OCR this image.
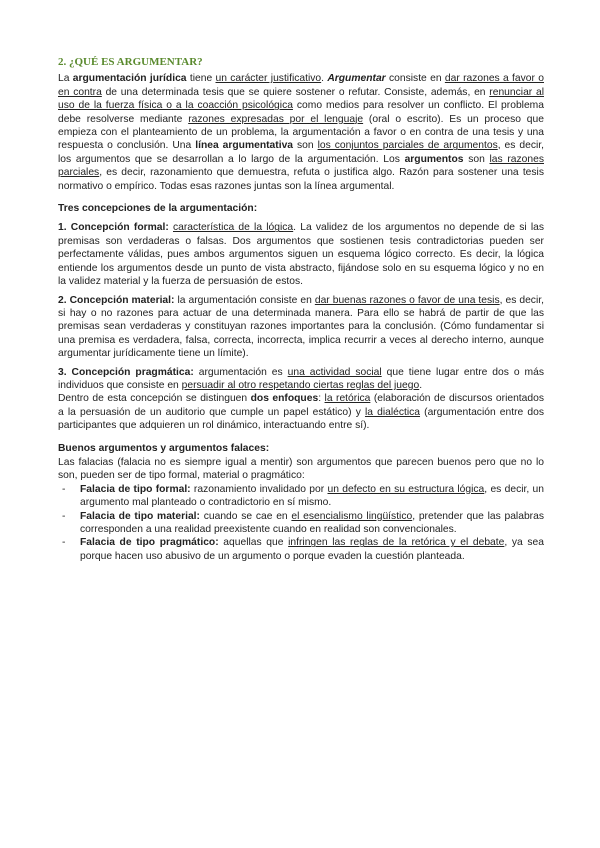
2. ¿QUÉ ES ARGUMENTAR?

La argumentación jurídica tiene un carácter justificativo. Argumentar consiste en dar razones a favor o en contra de una determinada tesis que se quiere sostener o refutar. Consiste, además, en renunciar al uso de la fuerza física o a la coacción psicológica como medios para resolver un conflicto. El problema debe resolverse mediante razones expresadas por el lenguaje (oral o escrito). Es un proceso que empieza con el planteamiento de un problema, la argumentación a favor o en contra de una tesis y una respuesta o conclusión. Una línea argumentativa son los conjuntos parciales de argumentos, es decir, los argumentos que se desarrollan a lo largo de la argumentación. Los argumentos son las razones parciales, es decir, razonamiento que demuestra, refuta o justifica algo. Razón para sostener una tesis normativo o empírico. Todas esas razones juntas son la línea argumental.

Tres concepciones de la argumentación:

1. Concepción formal: característica de la lógica. La validez de los argumentos no depende de si las premisas son verdaderas o falsas. Dos argumentos que sostienen tesis contradictorias pueden ser perfectamente válidas, pues ambos argumentos siguen un esquema lógico correcto. Es decir, la lógica entiende los argumentos desde un punto de vista abstracto, fijándose solo en su esquema lógico y no en la validez material y la fuerza de persuasión de estos.

2. Concepción material: la argumentación consiste en dar buenas razones o favor de una tesis, es decir, si hay o no razones para actuar de una determinada manera. Para ello se habrá de partir de que las premisas sean verdaderas y constituyan razones importantes para la conclusión. (Cómo fundamentar si una premisa es verdadera, falsa, correcta, incorrecta, implica recurrir a veces al derecho interno, aunque argumentar jurídicamente tiene un límite).

3. Concepción pragmática: argumentación es una actividad social que tiene lugar entre dos o más individuos que consiste en persuadir al otro respetando ciertas reglas del juego.

Dentro de esta concepción se distinguen dos enfoques: la retórica (elaboración de discursos orientados a la persuasión de un auditorio que cumple un papel estático) y la dialéctica (argumentación entre dos participantes que adquieren un rol dinámico, interactuando entre sí).

Buenos argumentos y argumentos falaces:

Las falacias (falacia no es siempre igual a mentir) son argumentos que parecen buenos pero que no lo son, pueden ser de tipo formal, material o pragmático:

- Falacia de tipo formal: razonamiento invalidado por un defecto en su estructura lógica, es decir, un argumento mal planteado o contradictorio en sí mismo.
- Falacia de tipo material: cuando se cae en el esencialismo lingüístico, pretender que las palabras corresponden a una realidad preexistente cuando en realidad son convencionales.
- Falacia de tipo pragmático: aquellas que infringen las reglas de la retórica y el debate, ya sea porque hacen uso abusivo de un argumento o porque evaden la cuestión planteada.
